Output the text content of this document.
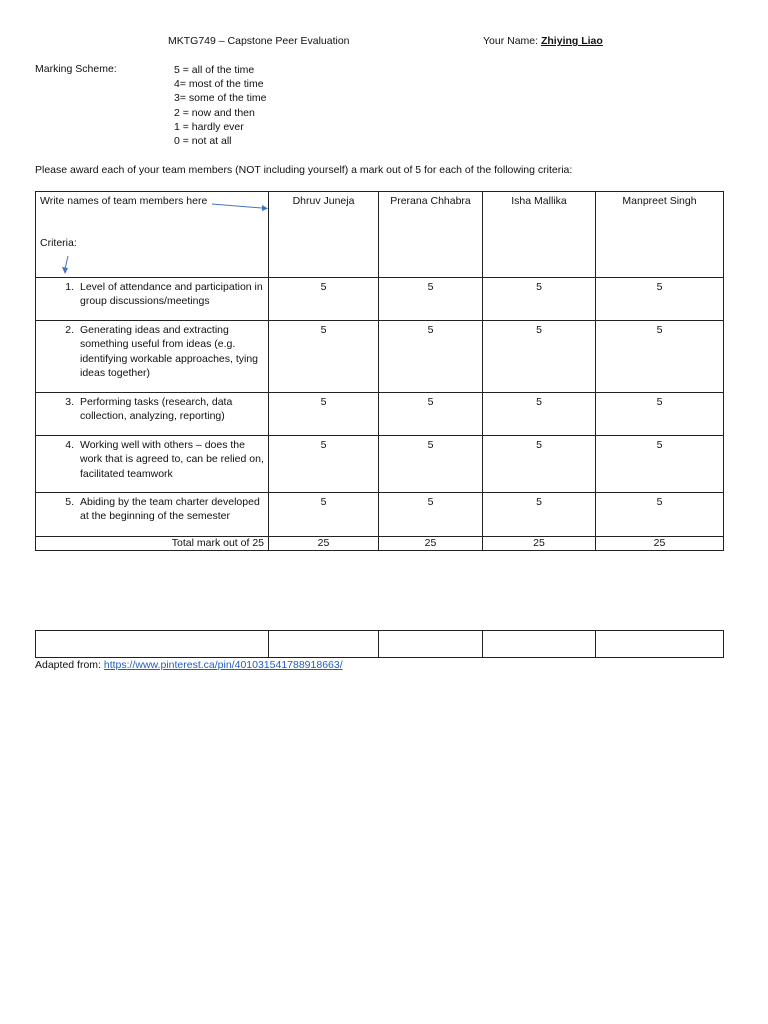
MKTG749 – Capstone Peer Evaluation	Your Name: Zhiying Liao
Marking Scheme:	5 = all of the time
4= most of the time
3= some of the time
2 = now and then
1 = hardly ever
0 = not at all
Please award each of your team members (NOT including yourself) a mark out of 5 for each of the following criteria:
Write names of team members here
Criteria:	Dhruv Juneja	Prerana Chhabra	Isha Mallika	Manpreet Singh

1. Level of attendance and participation in group discussions/meetings	5	5	5	5

2. Generating ideas and extracting something useful from ideas (e.g. identifying workable approaches, tying ideas together)	5	5	5	5

3. Performing tasks (research, data collection, analyzing, reporting)	5	5	5	5

4. Working well with others – does the work that is agreed to, can be relied on, facilitated teamwork	5	5	5	5

5. Abiding by the team charter developed at the beginning of the semester	5	5	5	5
Total mark out of 25	25	25	25	25

Adapted from: https://www.pinterest.ca/pin/401031541788918663/
